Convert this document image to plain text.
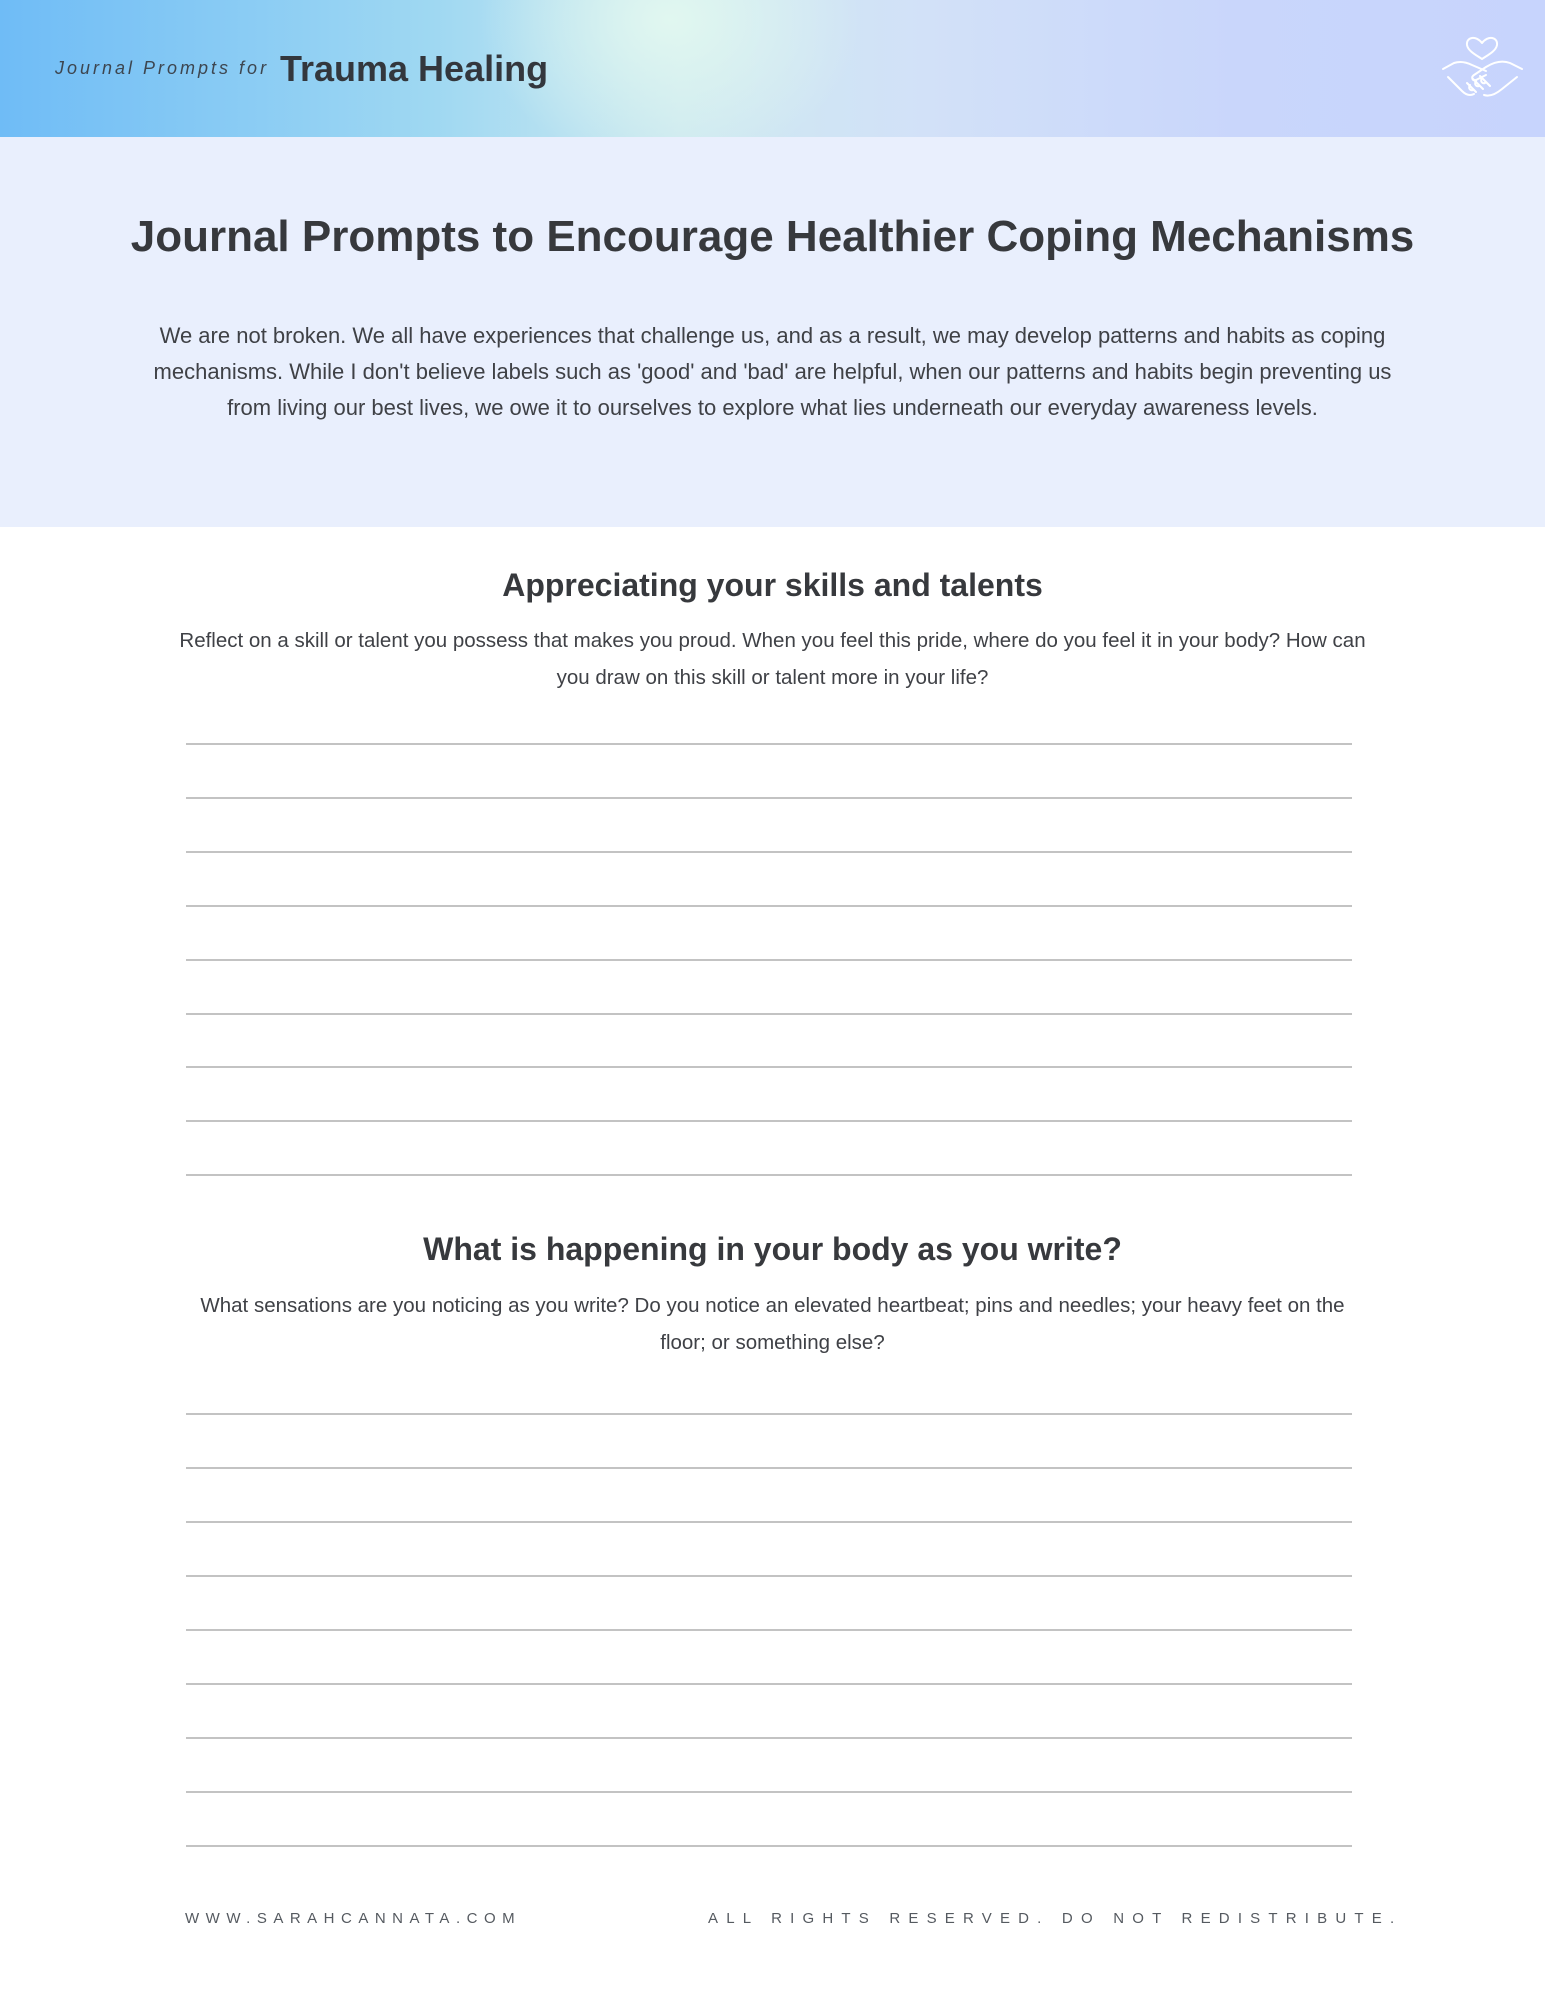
Journal Prompts for Trauma Healing
Journal Prompts to Encourage Healthier Coping Mechanisms

We are not broken. We all have experiences that challenge us, and as a result, we may develop patterns and habits as coping mechanisms. While I don't believe labels such as 'good' and 'bad' are helpful, when our patterns and habits begin preventing us from living our best lives, we owe it to ourselves to explore what lies underneath our everyday awareness levels.

Appreciating your skills and talents

Reflect on a skill or talent you possess that makes you proud. When you feel this pride, where do you feel it in your body? How can you draw on this skill or talent more in your life?

What is happening in your body as you write?

What sensations are you noticing as you write? Do you notice an elevated heartbeat; pins and needles; your heavy feet on the floor; or something else?

WWW.SARAHCANNATA.COM	ALL RIGHTS RESERVED. DO NOT REDISTRIBUTE.
